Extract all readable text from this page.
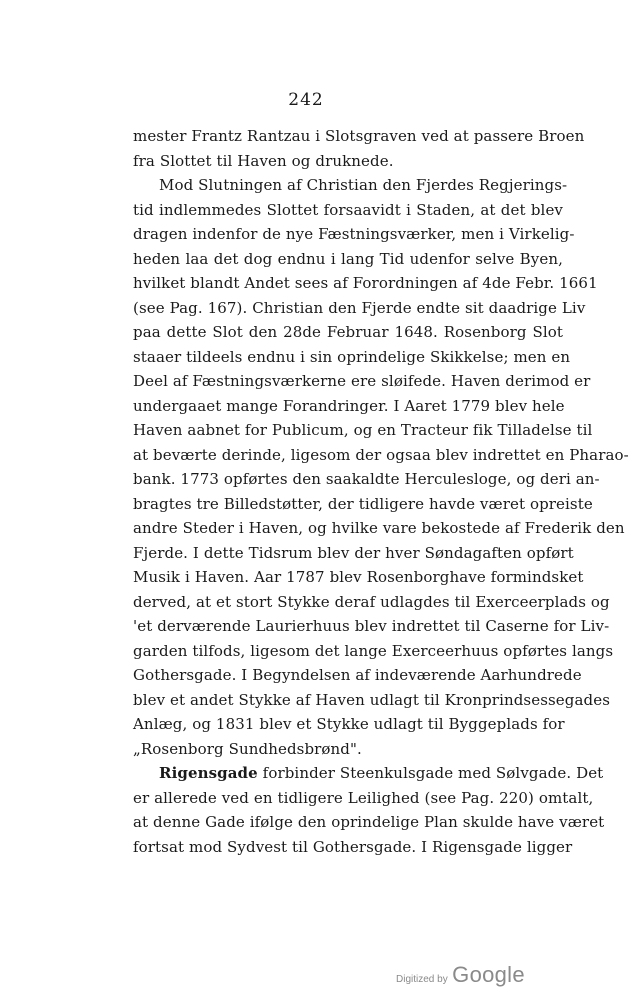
242
mester Frantz Rantzau i Slotsgraven ved at passere Broen
fra Slottet til Haven og druknede.
Mod Slutningen af Christian den Fjerdes Regjerings-
tid indlemmedes Slottet forsaavidt i Staden, at det blev
dragen indenfor de nye Fæstningsværker, men i Virkelig-
heden laa det dog endnu i lang Tid udenfor selve Byen,
hvilket blandt Andet sees af Forordningen af 4de Febr. 1661
(see Pag. 167). Christian den Fjerde endte sit daadrige Liv
paa dette Slot den 28de Februar 1648. Rosenborg Slot
staaer tildeels endnu i sin oprindelige Skikkelse; men en
Deel af Fæstningsværkerne ere sløifede. Haven derimod er
undergaaet mange Forandringer. I Aaret 1779 blev hele
Haven aabnet for Publicum, og en Tracteur fik Tilladelse til
at beværte derinde, ligesom der ogsaa blev indrettet en Pharao-
bank. 1773 opførtes den saakaldte Herculesloge, og deri an-
bragtes tre Billedstøtter, der tidligere havde været opreiste
andre Steder i Haven, og hvilke vare bekostede af Frederik den
Fjerde. I dette Tidsrum blev der hver Søndagaften opført
Musik i Haven. Aar 1787 blev Rosenborghave formindsket
derved, at et stort Stykke deraf udlagdes til Exerceerplads og
'et derværende Laurierhuus blev indrettet til Caserne for Liv-
garden tilfods, ligesom det lange Exerceerhuus opførtes langs
Gothersgade. I Begyndelsen af indeværende Aarhundrede
blev et andet Stykke af Haven udlagt til Kronprindsessegades
Anlæg, og 1831 blev et Stykke udlagt til Byggeplads for
„Rosenborg Sundhedsbrønd".
Rigensgade forbinder Steenkulsgade med Sølvgade. Det
er allerede ved en tidligere Leilighed (see Pag. 220) omtalt,
at denne Gade ifølge den oprindelige Plan skulde have været
fortsat mod Sydvest til Gothersgade. I Rigensgade ligger
Digitized by Google
